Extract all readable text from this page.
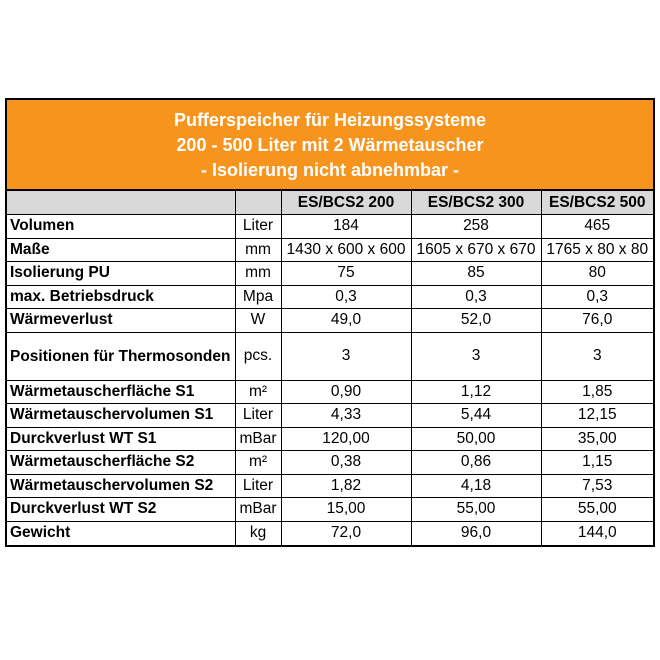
Pufferspeicher für Heizungssysteme
200 - 500 Liter mit 2 Wärmetauscher
- Isolierung nicht abnehmbar -
		ES/BCS2 200	ES/BCS2 300	ES/BCS2 500
Volumen	Liter	184	258	465
Maße	mm	1430 x 600 x 600	1605 x 670 x 670	1765 x 80 x 80
Isolierung PU	mm	75	85	80
max. Betriebsdruck	Mpa	0,3	0,3	0,3
Wärmeverlust	W	49,0	52,0	76,0
Positionen für Thermosonden	pcs.	3	3	3
Wärmetauscherfläche S1	m²	0,90	1,12	1,85
Wärmetauschervolumen S1	Liter	4,33	5,44	12,15
Durckverlust WT S1	mBar	120,00	50,00	35,00
Wärmetauscherfläche S2	m²	0,38	0,86	1,15
Wärmetauschervolumen S2	Liter	1,82	4,18	7,53
Durckverlust WT S2	mBar	15,00	55,00	55,00
Gewicht	kg	72,0	96,0	144,0
